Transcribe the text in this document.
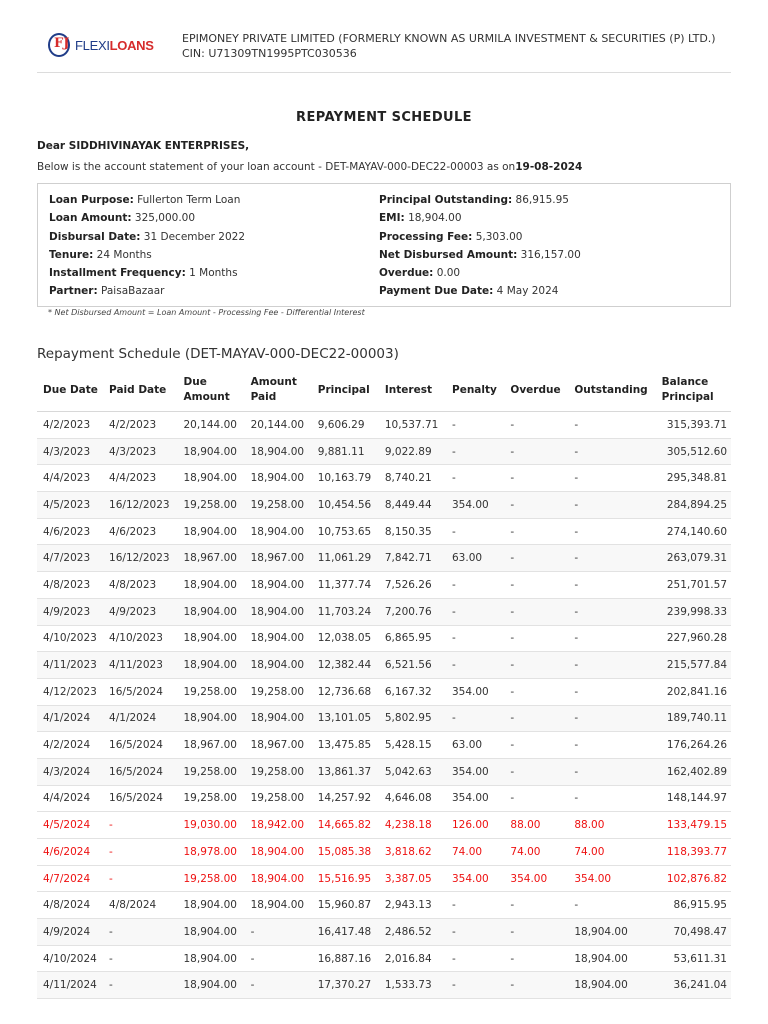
FJ FLEXILOANS	EPIMONEY PRIVATE LIMITED (FORMERLY KNOWN AS URMILA INVESTMENT & SECURITIES (P) LTD.)
CIN: U71309TN1995PTC030536
REPAYMENT SCHEDULE
Dear SIDDHIVINAYAK ENTERPRISES,
Below is the account statement of your loan account - DET-MAYAV-000-DEC22-00003 as on19-08-2024
Loan Purpose: Fullerton Term Loan
Loan Amount: 325,000.00
Disbursal Date: 31 December 2022
Tenure: 24 Months
Installment Frequency: 1 Months
Partner: PaisaBazaar
Principal Outstanding: 86,915.95
EMI: 18,904.00
Processing Fee: 5,303.00
Net Disbursed Amount: 316,157.00
Overdue: 0.00
Payment Due Date: 4 May 2024
* Net Disbursed Amount = Loan Amount - Processing Fee - Differential Interest
Repayment Schedule (DET-MAYAV-000-DEC22-00003)
Due Date	Paid Date	Due Amount	Amount Paid	Principal	Interest	Penalty	Overdue	Outstanding	Balance Principal
4/2/2023	4/2/2023	20,144.00	20,144.00	9,606.29	10,537.71	-	-	-	315,393.71
4/3/2023	4/3/2023	18,904.00	18,904.00	9,881.11	9,022.89	-	-	-	305,512.60
4/4/2023	4/4/2023	18,904.00	18,904.00	10,163.79	8,740.21	-	-	-	295,348.81
4/5/2023	16/12/2023	19,258.00	19,258.00	10,454.56	8,449.44	354.00	-	-	284,894.25
4/6/2023	4/6/2023	18,904.00	18,904.00	10,753.65	8,150.35	-	-	-	274,140.60
4/7/2023	16/12/2023	18,967.00	18,967.00	11,061.29	7,842.71	63.00	-	-	263,079.31
4/8/2023	4/8/2023	18,904.00	18,904.00	11,377.74	7,526.26	-	-	-	251,701.57
4/9/2023	4/9/2023	18,904.00	18,904.00	11,703.24	7,200.76	-	-	-	239,998.33
4/10/2023	4/10/2023	18,904.00	18,904.00	12,038.05	6,865.95	-	-	-	227,960.28
4/11/2023	4/11/2023	18,904.00	18,904.00	12,382.44	6,521.56	-	-	-	215,577.84
4/12/2023	16/5/2024	19,258.00	19,258.00	12,736.68	6,167.32	354.00	-	-	202,841.16
4/1/2024	4/1/2024	18,904.00	18,904.00	13,101.05	5,802.95	-	-	-	189,740.11
4/2/2024	16/5/2024	18,967.00	18,967.00	13,475.85	5,428.15	63.00	-	-	176,264.26
4/3/2024	16/5/2024	19,258.00	19,258.00	13,861.37	5,042.63	354.00	-	-	162,402.89
4/4/2024	16/5/2024	19,258.00	19,258.00	14,257.92	4,646.08	354.00	-	-	148,144.97
4/5/2024	-	19,030.00	18,942.00	14,665.82	4,238.18	126.00	88.00	88.00	133,479.15
4/6/2024	-	18,978.00	18,904.00	15,085.38	3,818.62	74.00	74.00	74.00	118,393.77
4/7/2024	-	19,258.00	18,904.00	15,516.95	3,387.05	354.00	354.00	354.00	102,876.82
4/8/2024	4/8/2024	18,904.00	18,904.00	15,960.87	2,943.13	-	-	-	86,915.95
4/9/2024	-	18,904.00	-	16,417.48	2,486.52	-	-	18,904.00	70,498.47
4/10/2024	-	18,904.00	-	16,887.16	2,016.84	-	-	18,904.00	53,611.31
4/11/2024	-	18,904.00	-	17,370.27	1,533.73	-	-	18,904.00	36,241.04
